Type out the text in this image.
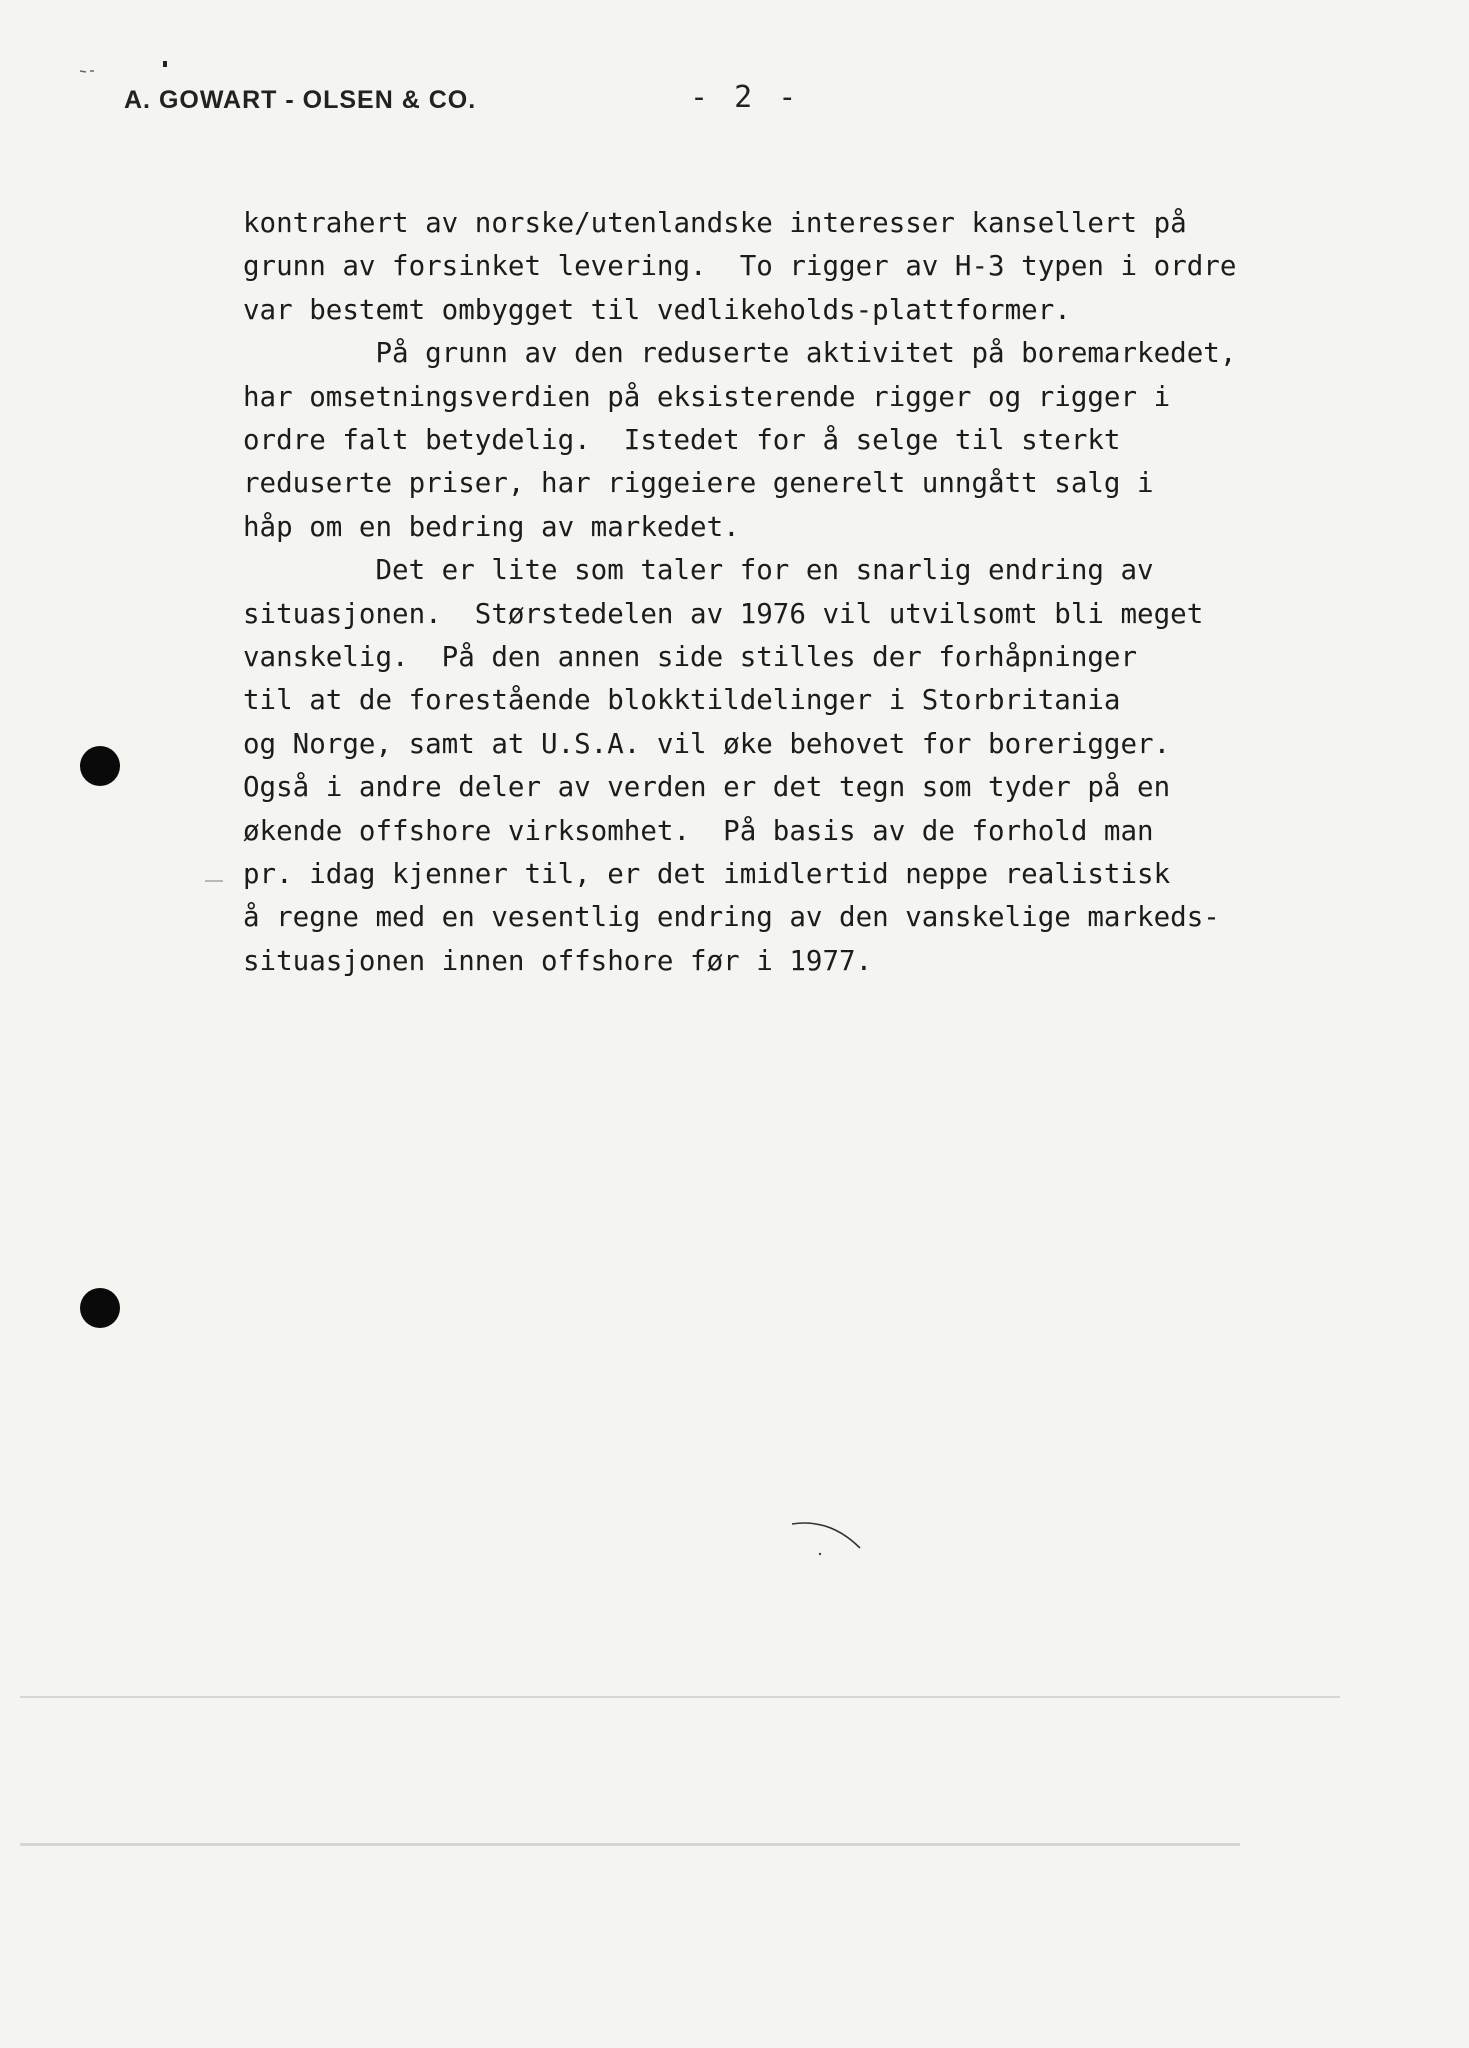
A. GOWART - OLSEN & CO.	- 2 -
kontrahert av norske/utenlandske interesser kansellert på
grunn av forsinket levering.  To rigger av H-3 typen i ordre
var bestemt ombygget til vedlikeholds-plattformer.
På grunn av den reduserte aktivitet på boremarkedet,
har omsetningsverdien på eksisterende rigger og rigger i
ordre falt betydelig.  Istedet for å selge til sterkt
reduserte priser, har riggeiere generelt unngått salg i
håp om en bedring av markedet.
Det er lite som taler for en snarlig endring av
situasjonen.  Størstedelen av 1976 vil utvilsomt bli meget
vanskelig.  På den annen side stilles der forhåpninger
til at de forestående blokktildelinger i Storbritania
og Norge, samt at U.S.A. vil øke behovet for borerigger.
Også i andre deler av verden er det tegn som tyder på en
økende offshore virksomhet.  På basis av de forhold man
pr. idag kjenner til, er det imidlertid neppe realistisk
å regne med en vesentlig endring av den vanskelige markeds-
situasjonen innen offshore før i 1977.
